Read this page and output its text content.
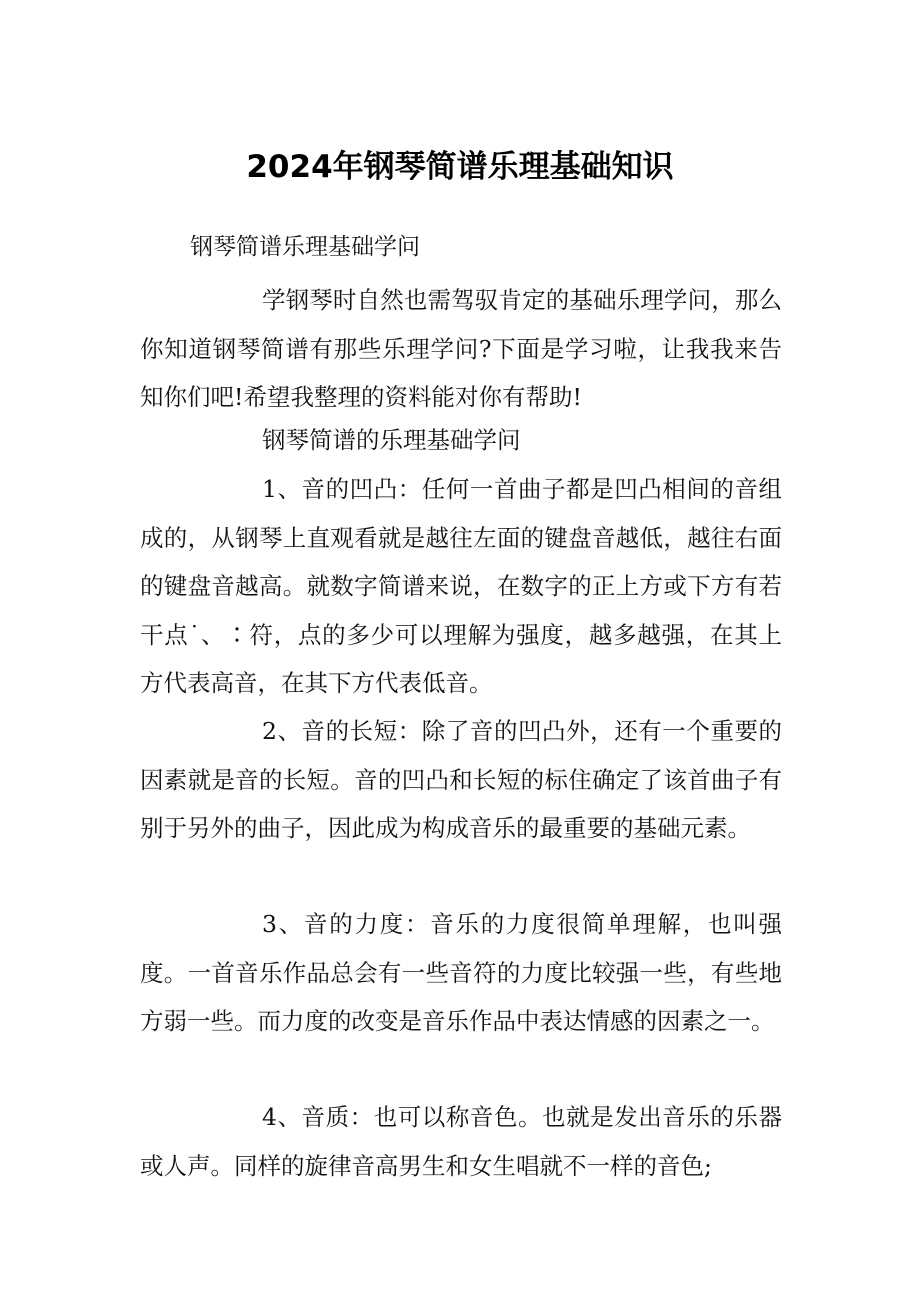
2024年钢琴简谱乐理基础知识
钢琴简谱乐理基础学问

学钢琴时自然也需驾驭肯定的基础乐理学问，那么你知道钢琴简谱有那些乐理学问?下面是学习啦，让我我来告知你们吧!希望我整理的资料能对你有帮助!

钢琴简谱的乐理基础学问

1、音的凹凸：任何一首曲子都是凹凸相间的音组成的，从钢琴上直观看就是越往左面的键盘音越低，越往右面的键盘音越高。就数字简谱来说，在数字的正上方或下方有若干点˙、∶符，点的多少可以理解为强度，越多越强，在其上方代表高音，在其下方代表低音。

2、音的长短：除了音的凹凸外，还有一个重要的因素就是音的长短。音的凹凸和长短的标住确定了该首曲子有别于另外的曲子，因此成为构成音乐的最重要的基础元素。

3、音的力度：音乐的力度很简单理解，也叫强度。一首音乐作品总会有一些音符的力度比较强一些，有些地方弱一些。而力度的改变是音乐作品中表达情感的因素之一。

4、音质：也可以称音色。也就是发出音乐的乐器或人声。同样的旋律音高男生和女生唱就不一样的音色;
